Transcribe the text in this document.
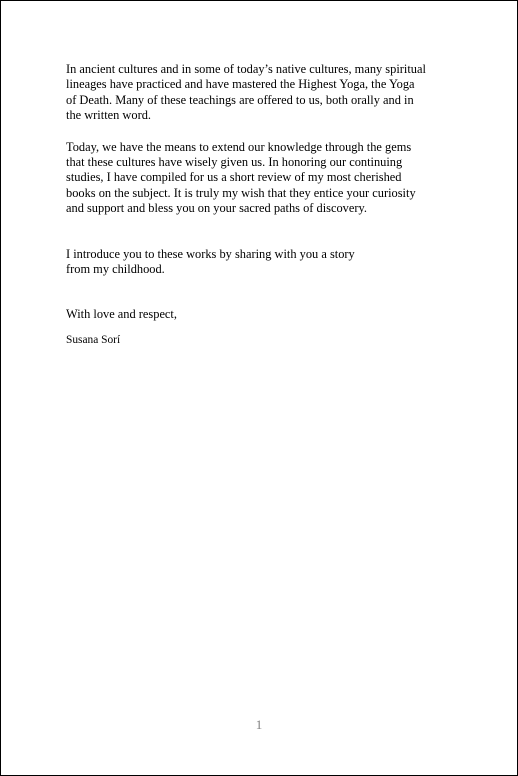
In ancient cultures and in some of today’s native cultures, many spiritual
lineages have practiced and have mastered the Highest Yoga, the Yoga
of Death. Many of these teachings are offered to us, both orally and in
the written word.

Today, we have the means to extend our knowledge through the gems
that these cultures have wisely given us. In honoring our continuing
studies, I have compiled for us a short review of my most cherished
books on the subject. It is truly my wish that they entice your curiosity
and support and bless you on your sacred paths of discovery.

I introduce you to these works by sharing with you a story
from my childhood.

With love and respect,

Susana Sorí

1
